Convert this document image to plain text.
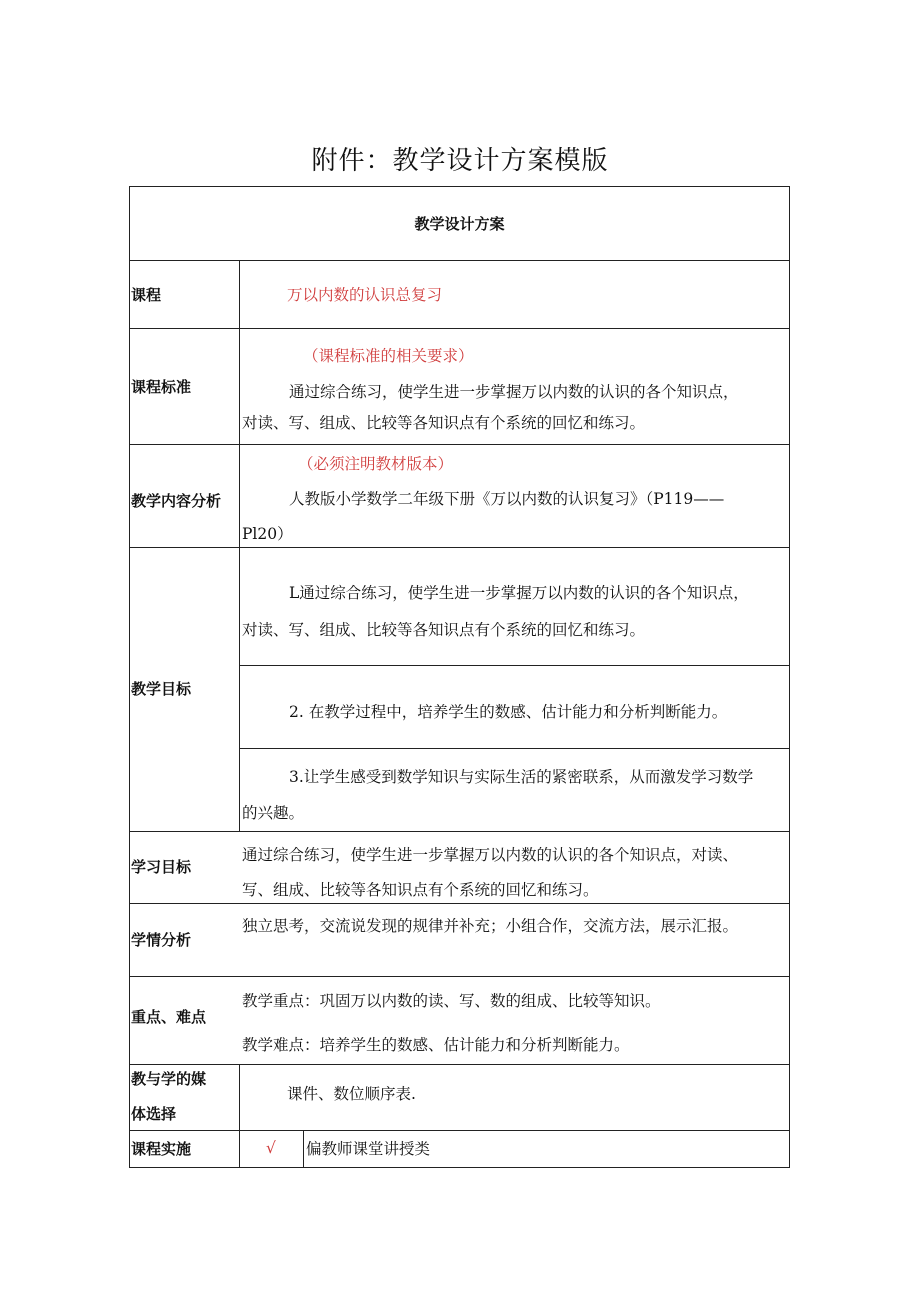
附件：教学设计方案模版
教学设计方案
课程	万以内数的认识总复习
课程标准
（课程标准的相关要求）
通过综合练习，使学生进一步掌握万以内数的认识的各个知识点，
对读、写、组成、比较等各知识点有个系统的回忆和练习。
教学内容分析
（必须注明教材版本）
人教版小学数学二年级下册《万以内数的认识复习》（P119——
Pl20）
教学目标
L通过综合练习，使学生进一步掌握万以内数的认识的各个知识点，
对读、写、组成、比较等各知识点有个系统的回忆和练习。
2. 在教学过程中，培养学生的数感、估计能力和分析判断能力。
3.让学生感受到数学知识与实际生活的紧密联系，从而激发学习数学
的兴趣。
学习目标
通过综合练习，使学生进一步掌握万以内数的认识的各个知识点，对读、
写、组成、比较等各知识点有个系统的回忆和练习。
学情分析
独立思考，交流说发现的规律并补充；小组合作，交流方法，展示汇报。
重点、难点
教学重点：巩固万以内数的读、写、数的组成、比较等知识。
教学难点：培养学生的数感、估计能力和分析判断能力。
教与学的媒
体选择
课件、数位顺序表.
课程实施	√ 偏教师课堂讲授类
